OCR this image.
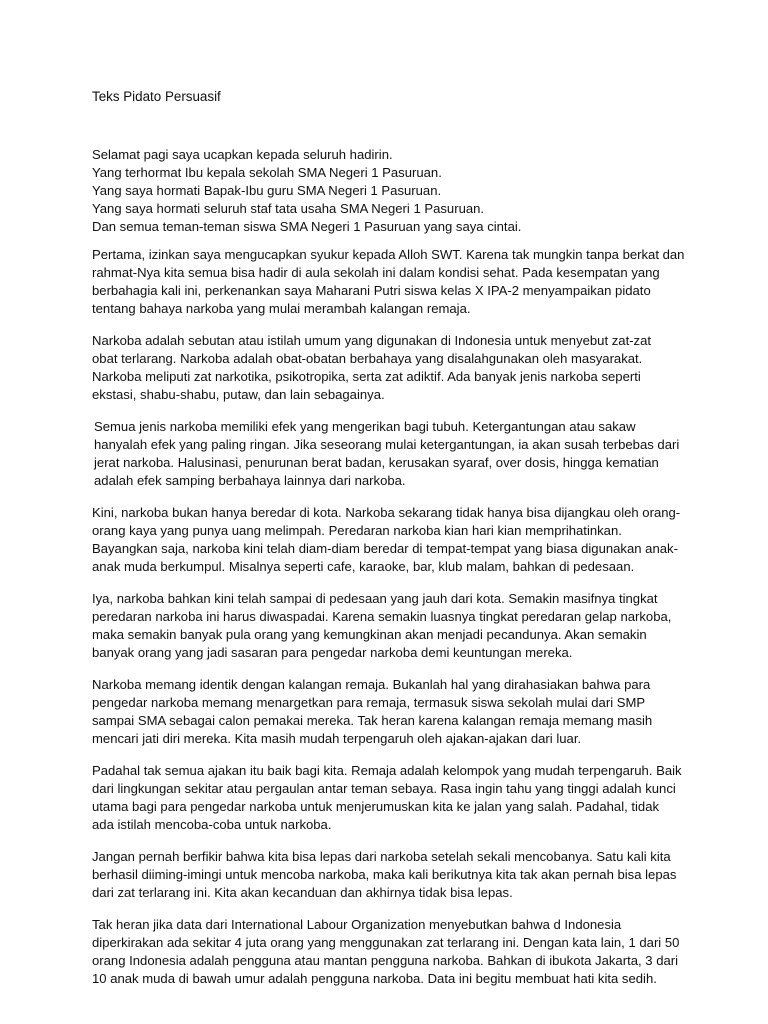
Teks Pidato Persuasif
Selamat pagi saya ucapkan kepada seluruh hadirin.
Yang terhormat Ibu kepala sekolah SMA Negeri 1 Pasuruan.
Yang saya hormati Bapak-Ibu guru SMA Negeri 1 Pasuruan.
Yang saya hormati seluruh staf tata usaha SMA Negeri 1 Pasuruan.
Dan semua teman-teman siswa SMA Negeri 1 Pasuruan yang saya cintai.
Pertama, izinkan saya mengucapkan syukur kepada Alloh SWT. Karena tak mungkin tanpa berkat dan
rahmat-Nya kita semua bisa hadir di aula sekolah ini dalam kondisi sehat. Pada kesempatan yang
berbahagia kali ini, perkenankan saya Maharani Putri siswa kelas X IPA-2 menyampaikan pidato
tentang bahaya narkoba yang mulai merambah kalangan remaja.
Narkoba adalah sebutan atau istilah umum yang digunakan di Indonesia untuk menyebut zat-zat
obat terlarang. Narkoba adalah obat-obatan berbahaya yang disalahgunakan oleh masyarakat.
Narkoba meliputi zat narkotika, psikotropika, serta zat adiktif. Ada banyak jenis narkoba seperti
ekstasi, shabu-shabu, putaw, dan lain sebagainya.
Semua jenis narkoba memiliki efek yang mengerikan bagi tubuh. Ketergantungan atau sakaw
hanyalah efek yang paling ringan. Jika seseorang mulai ketergantungan, ia akan susah terbebas dari
jerat narkoba. Halusinasi, penurunan berat badan, kerusakan syaraf, over dosis, hingga kematian
adalah efek samping berbahaya lainnya dari narkoba.
Kini, narkoba bukan hanya beredar di kota. Narkoba sekarang tidak hanya bisa dijangkau oleh orang-
orang kaya yang punya uang melimpah. Peredaran narkoba kian hari kian memprihatinkan.
Bayangkan saja, narkoba kini telah diam-diam beredar di tempat-tempat yang biasa digunakan anak-
anak muda berkumpul. Misalnya seperti cafe, karaoke, bar, klub malam, bahkan di pedesaan.
Iya, narkoba bahkan kini telah sampai di pedesaan yang jauh dari kota. Semakin masifnya tingkat
peredaran narkoba ini harus diwaspadai. Karena semakin luasnya tingkat peredaran gelap narkoba,
maka semakin banyak pula orang yang kemungkinan akan menjadi pecandunya. Akan semakin
banyak orang yang jadi sasaran para pengedar narkoba demi keuntungan mereka.
Narkoba memang identik dengan kalangan remaja. Bukanlah hal yang dirahasiakan bahwa para
pengedar narkoba memang menargetkan para remaja, termasuk siswa sekolah mulai dari SMP
sampai SMA sebagai calon pemakai mereka. Tak heran karena kalangan remaja memang masih
mencari jati diri mereka. Kita masih mudah terpengaruh oleh ajakan-ajakan dari luar.
Padahal tak semua ajakan itu baik bagi kita. Remaja adalah kelompok yang mudah terpengaruh. Baik
dari lingkungan sekitar atau pergaulan antar teman sebaya. Rasa ingin tahu yang tinggi adalah kunci
utama bagi para pengedar narkoba untuk menjerumuskan kita ke jalan yang salah. Padahal, tidak
ada istilah mencoba-coba untuk narkoba.
Jangan pernah berfikir bahwa kita bisa lepas dari narkoba setelah sekali mencobanya. Satu kali kita
berhasil diiming-imingi untuk mencoba narkoba, maka kali berikutnya kita tak akan pernah bisa lepas
dari zat terlarang ini. Kita akan kecanduan dan akhirnya tidak bisa lepas.
Tak heran jika data dari International Labour Organization menyebutkan bahwa d Indonesia
diperkirakan ada sekitar 4 juta orang yang menggunakan zat terlarang ini. Dengan kata lain, 1 dari 50
orang Indonesia adalah pengguna atau mantan pengguna narkoba. Bahkan di ibukota Jakarta, 3 dari
10 anak muda di bawah umur adalah pengguna narkoba. Data ini begitu membuat hati kita sedih.
